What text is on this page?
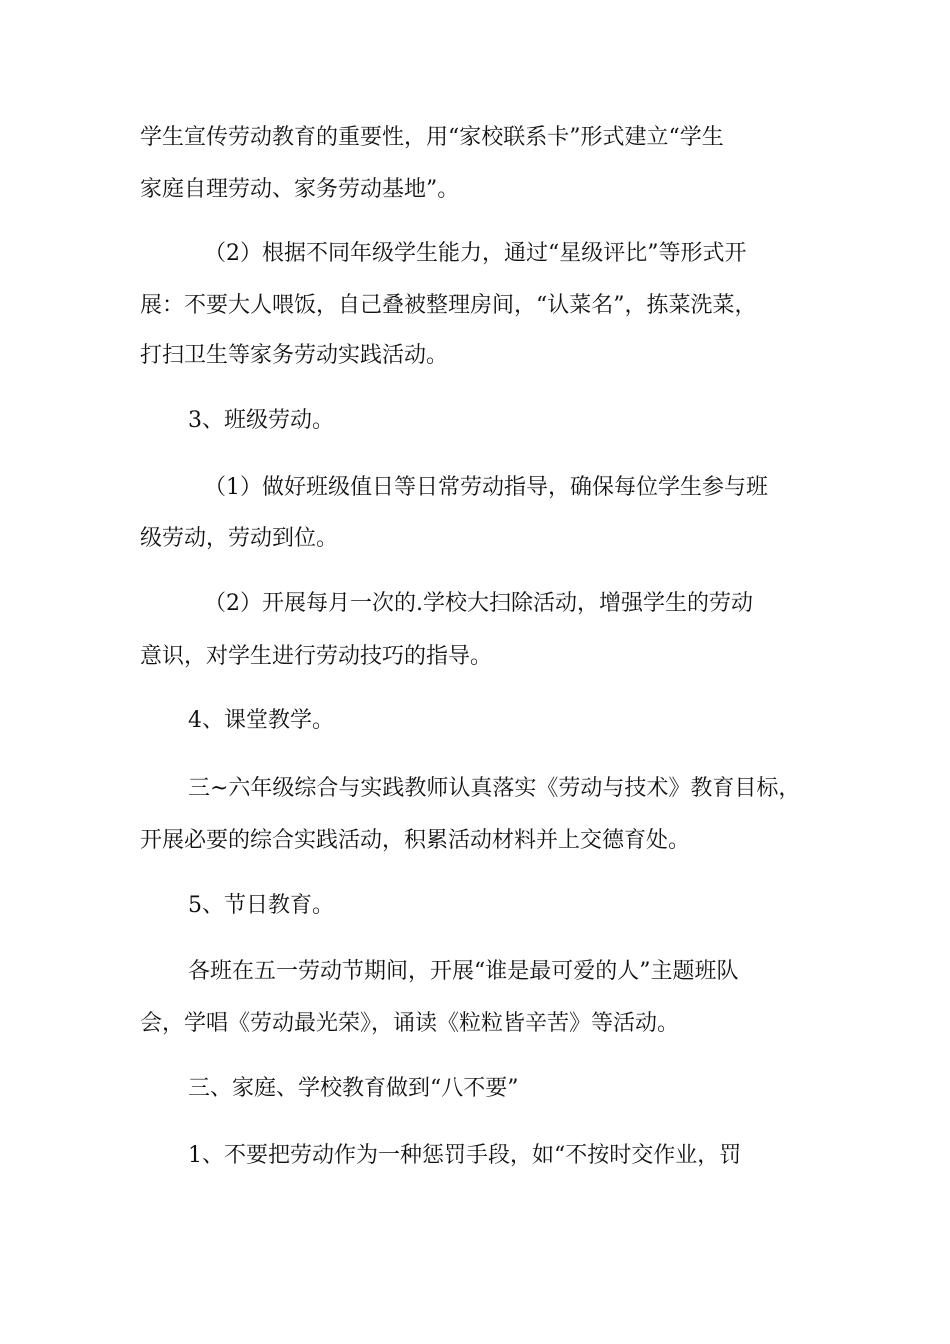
学生宣传劳动教育的重要性，用“家校联系卡”形式建立“学生
家庭自理劳动、家务劳动基地”。
（2）根据不同年级学生能力，通过“星级评比”等形式开
展：不要大人喂饭，自己叠被整理房间，“认菜名”，拣菜洗菜，
打扫卫生等家务劳动实践活动。
3、班级劳动。
（1）做好班级值日等日常劳动指导，确保每位学生参与班
级劳动，劳动到位。
（2）开展每月一次的.学校大扫除活动，增强学生的劳动
意识，对学生进行劳动技巧的指导。
4、课堂教学。
三~六年级综合与实践教师认真落实《劳动与技术》教育目标，
开展必要的综合实践活动，积累活动材料并上交德育处。
5、节日教育。
各班在五一劳动节期间，开展“谁是最可爱的人”主题班队
会，学唱《劳动最光荣》，诵读《粒粒皆辛苦》等活动。
三、家庭、学校教育做到“八不要”
1、不要把劳动作为一种惩罚手段，如“不按时交作业，罚
